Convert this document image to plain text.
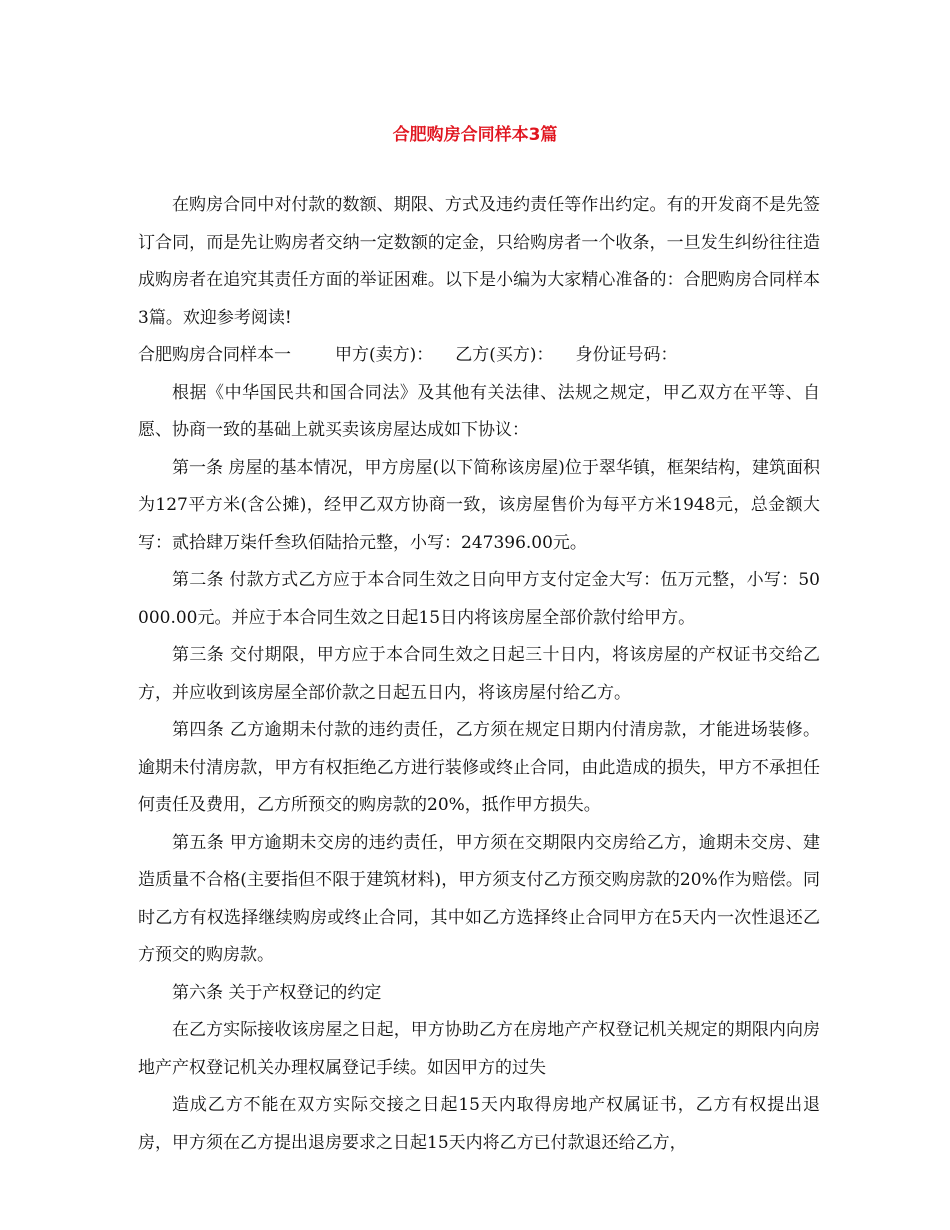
合肥购房合同样本3篇

在购房合同中对付款的数额、期限、方式及违约责任等作出约定。有的开发商不是先签订合同，而是先让购房者交纳一定数额的定金，只给购房者一个收条，一旦发生纠纷往往造成购房者在追究其责任方面的举证困难。以下是小编为大家精心准备的：合肥购房合同样本3篇。欢迎参考阅读!

合肥购房合同样本一	甲方(卖方)： 乙方(买方)： 身份证号码：

根据《中华国民共和国合同法》及其他有关法律、法规之规定，甲乙双方在平等、自愿、协商一致的基础上就买卖该房屋达成如下协议：

第一条 房屋的基本情况，甲方房屋(以下简称该房屋)位于翠华镇，框架结构，建筑面积为127平方米(含公摊)，经甲乙双方协商一致，该房屋售价为每平方米1948元，总金额大写：贰拾肆万柒仟叁玖佰陆拾元整，小写：247396.00元。

第二条 付款方式乙方应于本合同生效之日向甲方支付定金大写：伍万元整，小写：50000.00元。并应于本合同生效之日起15日内将该房屋全部价款付给甲方。

第三条 交付期限，甲方应于本合同生效之日起三十日内，将该房屋的产权证书交给乙方，并应收到该房屋全部价款之日起五日内，将该房屋付给乙方。

第四条 乙方逾期未付款的违约责任，乙方须在规定日期内付清房款，才能进场装修。逾期未付清房款，甲方有权拒绝乙方进行装修或终止合同，由此造成的损失，甲方不承担任何责任及费用，乙方所预交的购房款的20%，抵作甲方损失。

第五条 甲方逾期未交房的违约责任，甲方须在交期限内交房给乙方，逾期未交房、建造质量不合格(主要指但不限于建筑材料)，甲方须支付乙方预交购房款的20%作为赔偿。同时乙方有权选择继续购房或终止合同，其中如乙方选择终止合同甲方在5天内一次性退还乙方预交的购房款。

第六条 关于产权登记的约定

在乙方实际接收该房屋之日起，甲方协助乙方在房地产产权登记机关规定的期限内向房地产产权登记机关办理权属登记手续。如因甲方的过失

造成乙方不能在双方实际交接之日起15天内取得房地产权属证书，乙方有权提出退房，甲方须在乙方提出退房要求之日起15天内将乙方已付款退还给乙方，
